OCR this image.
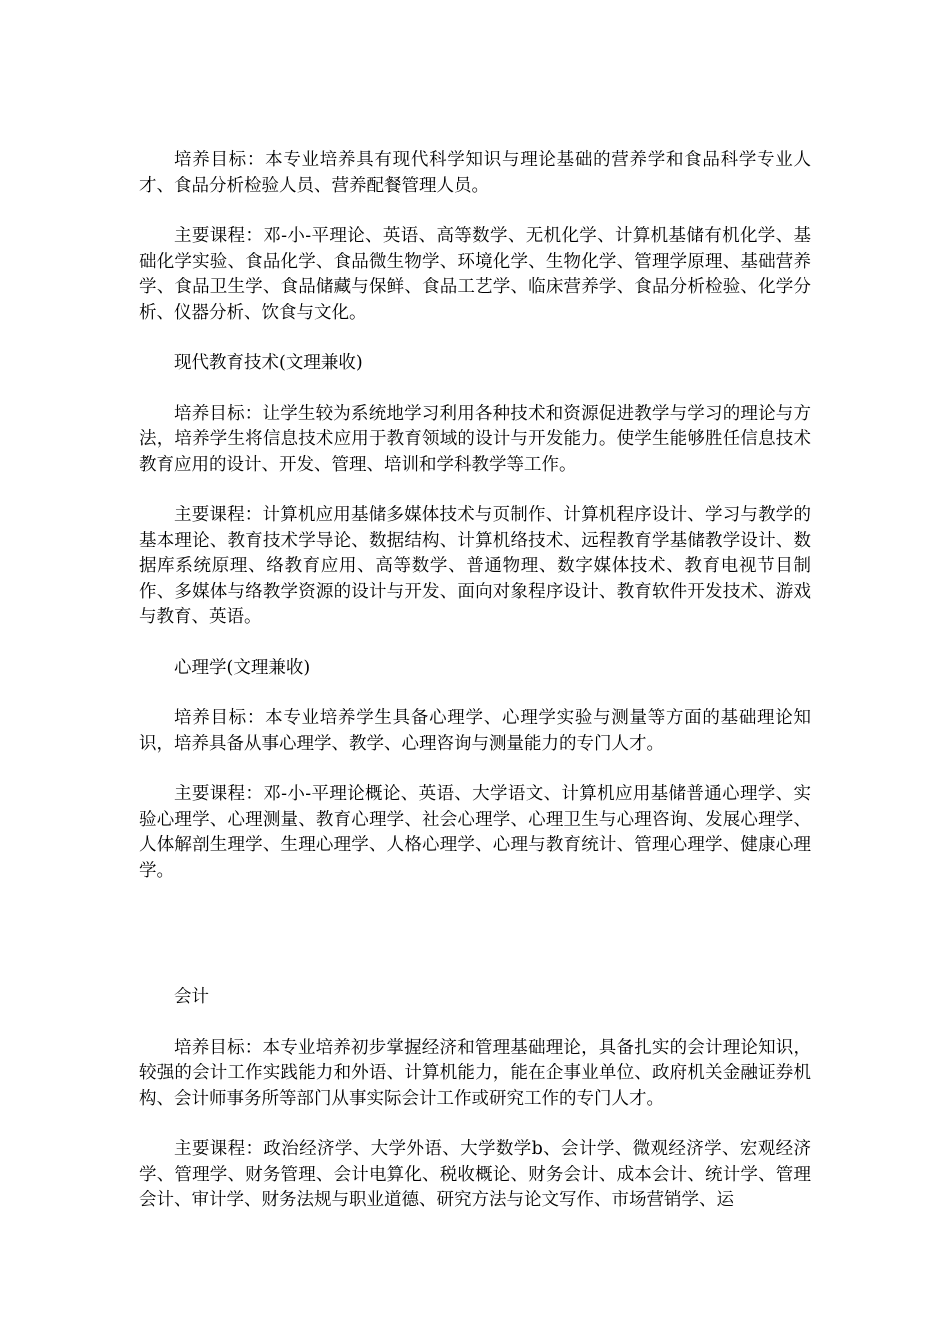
培养目标：本专业培养具有现代科学知识与理论基础的营养学和食品科学专业人才、食品分析检验人员、营养配餐管理人员。

主要课程：邓-小-平理论、英语、高等数学、无机化学、计算机基储有机化学、基础化学实验、食品化学、食品微生物学、环境化学、生物化学、管理学原理、基础营养学、食品卫生学、食品储藏与保鲜、食品工艺学、临床营养学、食品分析检验、化学分析、仪器分析、饮食与文化。

现代教育技术(文理兼收)

培养目标：让学生较为系统地学习利用各种技术和资源促进教学与学习的理论与方法，培养学生将信息技术应用于教育领域的设计与开发能力。使学生能够胜任信息技术教育应用的设计、开发、管理、培训和学科教学等工作。

主要课程：计算机应用基储多媒体技术与页制作、计算机程序设计、学习与教学的基本理论、教育技术学导论、数据结构、计算机络技术、远程教育学基储教学设计、数据库系统原理、络教育应用、高等数学、普通物理、数字媒体技术、教育电视节目制作、多媒体与络教学资源的设计与开发、面向对象程序设计、教育软件开发技术、游戏与教育、英语。

心理学(文理兼收)

培养目标：本专业培养学生具备心理学、心理学实验与测量等方面的基础理论知识，培养具备从事心理学、教学、心理咨询与测量能力的专门人才。

主要课程：邓-小-平理论概论、英语、大学语文、计算机应用基储普通心理学、实验心理学、心理测量、教育心理学、社会心理学、心理卫生与心理咨询、发展心理学、人体解剖生理学、生理心理学、人格心理学、心理与教育统计、管理心理学、健康心理学。

会计

培养目标：本专业培养初步掌握经济和管理基础理论，具备扎实的会计理论知识，较强的会计工作实践能力和外语、计算机能力，能在企事业单位、政府机关金融证券机构、会计师事务所等部门从事实际会计工作或研究工作的专门人才。

主要课程：政治经济学、大学外语、大学数学b、会计学、微观经济学、宏观经济学、管理学、财务管理、会计电算化、税收概论、财务会计、成本会计、统计学、管理会计、审计学、财务法规与职业道德、研究方法与论文写作、市场营销学、运
